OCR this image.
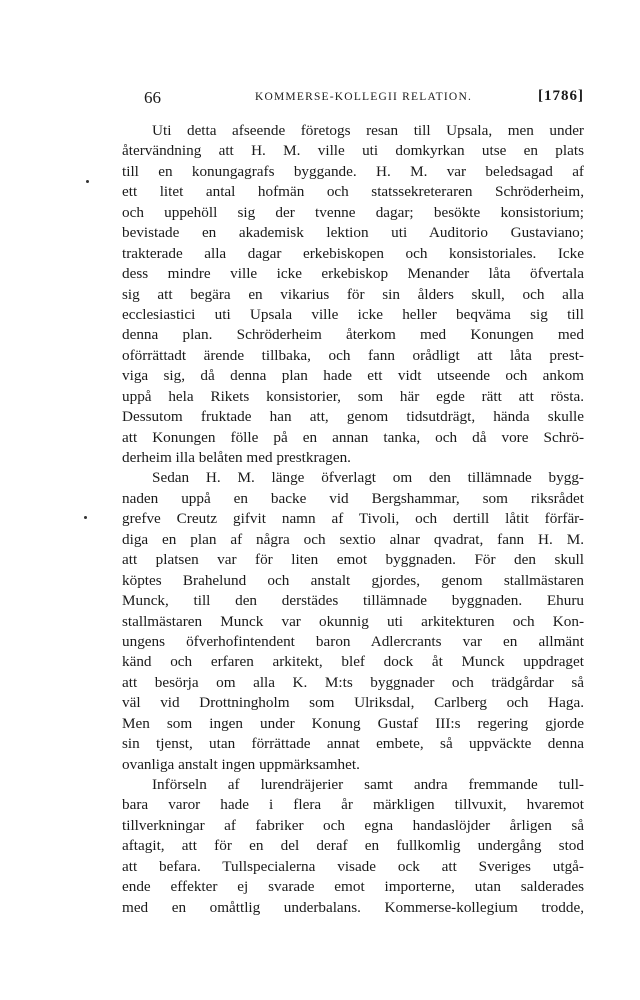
66	KOMMERSE-KOLLEGII RELATION.	[1786]
Uti detta afseende företogs resan till Upsala, men under
återvändning att H. M. ville uti domkyrkan utse en plats
till en konungagrafs byggande. H. M. var beledsagad af
ett litet antal hofmän och statssekreteraren Schröderheim,
och uppehöll sig der tvenne dagar; besökte konsistorium;
bevistade en akademisk lektion uti Auditorio Gustaviano;
trakterade alla dagar erkebiskopen och konsistoriales. Icke
dess mindre ville icke erkebiskop Menander låta öfvertala
sig att begära en vikarius för sin ålders skull, och alla
ecclesiastici uti Upsala ville icke heller beqväma sig till
denna plan. Schröderheim återkom med Konungen med
oförrättadt ärende tillbaka, och fann orådligt att låta prest-
viga sig, då denna plan hade ett vidt utseende och ankom
uppå hela Rikets konsistorier, som här egde rätt att rösta.
Dessutom fruktade han att, genom tidsutdrägt, hända skulle
att Konungen fölle på en annan tanka, och då vore Schrö-
derheim illa belåten med prestkragen.
Sedan H. M. länge öfverlagt om den tillämnade bygg-
naden uppå en backe vid Bergshammar, som riksrådet
grefve Creutz gifvit namn af Tivoli, och dertill låtit förfär-
diga en plan af några och sextio alnar qvadrat, fann H. M.
att platsen var för liten emot byggnaden. För den skull
köptes Brahelund och anstalt gjordes, genom stallmästaren
Munck, till den derstädes tillämnade byggnaden. Ehuru
stallmästaren Munck var okunnig uti arkitekturen och Kon-
ungens öfverhofintendent baron Adlercrants var en allmänt
känd och erfaren arkitekt, blef dock åt Munck uppdraget
att besörja om alla K. M:ts byggnader och trädgårdar så
väl vid Drottningholm som Ulriksdal, Carlberg och Haga.
Men som ingen under Konung Gustaf III:s regering gjorde
sin tjenst, utan förrättade annat embete, så uppväckte denna
ovanliga anstalt ingen uppmärksamhet.
Införseln af lurendräjerier samt andra fremmande tull-
bara varor hade i flera år märkligen tillvuxit, hvaremot
tillverkningar af fabriker och egna handaslöjder årligen så
aftagit, att för en del deraf en fullkomlig undergång stod
att befara. Tullspecialerna visade ock att Sveriges utgå-
ende effekter ej svarade emot importerne, utan salderades
med en omåttlig underbalans. Kommerse-kollegium trodde,
